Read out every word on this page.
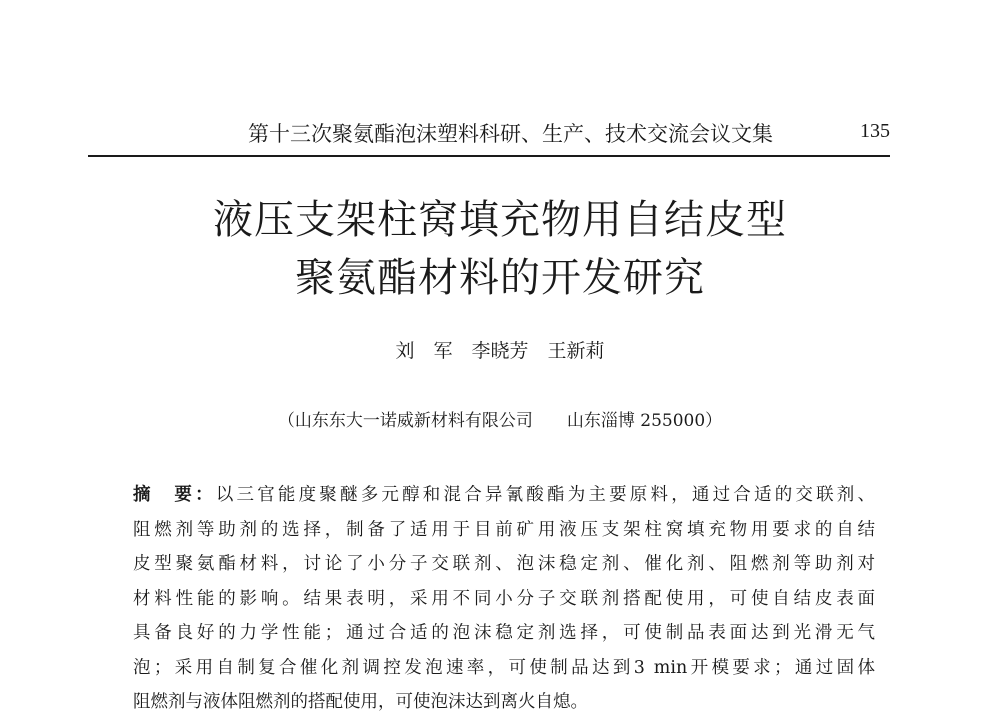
第十三次聚氨酯泡沫塑料科研、生产、技术交流会议文集	135
液压支架柱窝填充物用自结皮型
聚氨酯材料的开发研究
刘　军　李晓芳　王新莉
（山东东大一诺威新材料有限公司　　山东淄博 255000）
摘　要：以三官能度聚醚多元醇和混合异氰酸酯为主要原料，通过合适的交联剂、
阻燃剂等助剂的选择，制备了适用于目前矿用液压支架柱窝填充物用要求的自结
皮型聚氨酯材料，讨论了小分子交联剂、泡沫稳定剂、催化剂、阻燃剂等助剂对
材料性能的影响。结果表明，采用不同小分子交联剂搭配使用，可使自结皮表面
具备良好的力学性能；通过合适的泡沫稳定剂选择，可使制品表面达到光滑无气
泡；采用自制复合催化剂调控发泡速率，可使制品达到3 min开模要求；通过固体
阻燃剂与液体阻燃剂的搭配使用，可使泡沫达到离火自熄。
